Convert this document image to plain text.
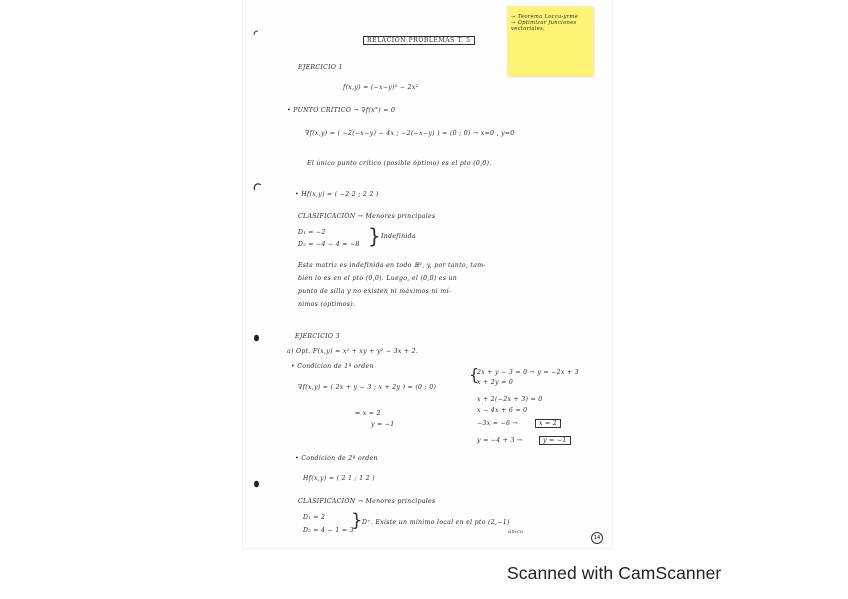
→ Teorema Locca-yrmé
→ Optimizar funciones
vectoriales.
RELACIÓN PROBLEMAS T. 5
EJERCICIO 1
f(x,y) = (−x−y)² − 2x²
• PUNTO CRÍTICO → ∇f(x°) = 0
∇f(x,y) = ( −2(−x−y) − 4x ; −2(−x−y) ) = (0 ; 0) → x=0 , y=0
El único punto crítico (posible óptimo) es el pto (0,0).
• Hf(x,y) = ( −2 2 ; 2 2 )
CLASIFICACIÓN → Menores principales
D₁ = −2
D₂ = −4 − 4 = −8 } Indefinida
Esta matriz es indefinida en todo ℝ², y, por tanto, tam-
bién lo es en el pto (0,0). Luego, el (0,0) es un
punto de silla y no existen ni máximos ni mí-
nimos (óptimos).
EJERCICIO 3
a) Opt. F(x,y) = x² + xy + y² − 3x + 2.
• Condición de 1ª orden
∇f(x,y) = ( 2x + y − 3 ; x + 2y ) = (0 ; 0)
⇔ x = 2
y = −1
{
2x + y − 3 = 0 → y = −2x + 3
x + 2y = 0
x + 2(−2x + 3) = 0
x − 4x + 6 = 0
−3x = −6 →	x = 2
y = −4 + 3 →	y = −1
• Condición de 2ª orden
Hf(x,y) = ( 2 1 ; 1 2 )
CLASIFICACIÓN → Menores principales
D₁ = 2
D₂ = 4 − 1 = 3
} D⁺. Existe un mínimo local en el pto (2,−1)
único
14
Scanned with CamScanner
